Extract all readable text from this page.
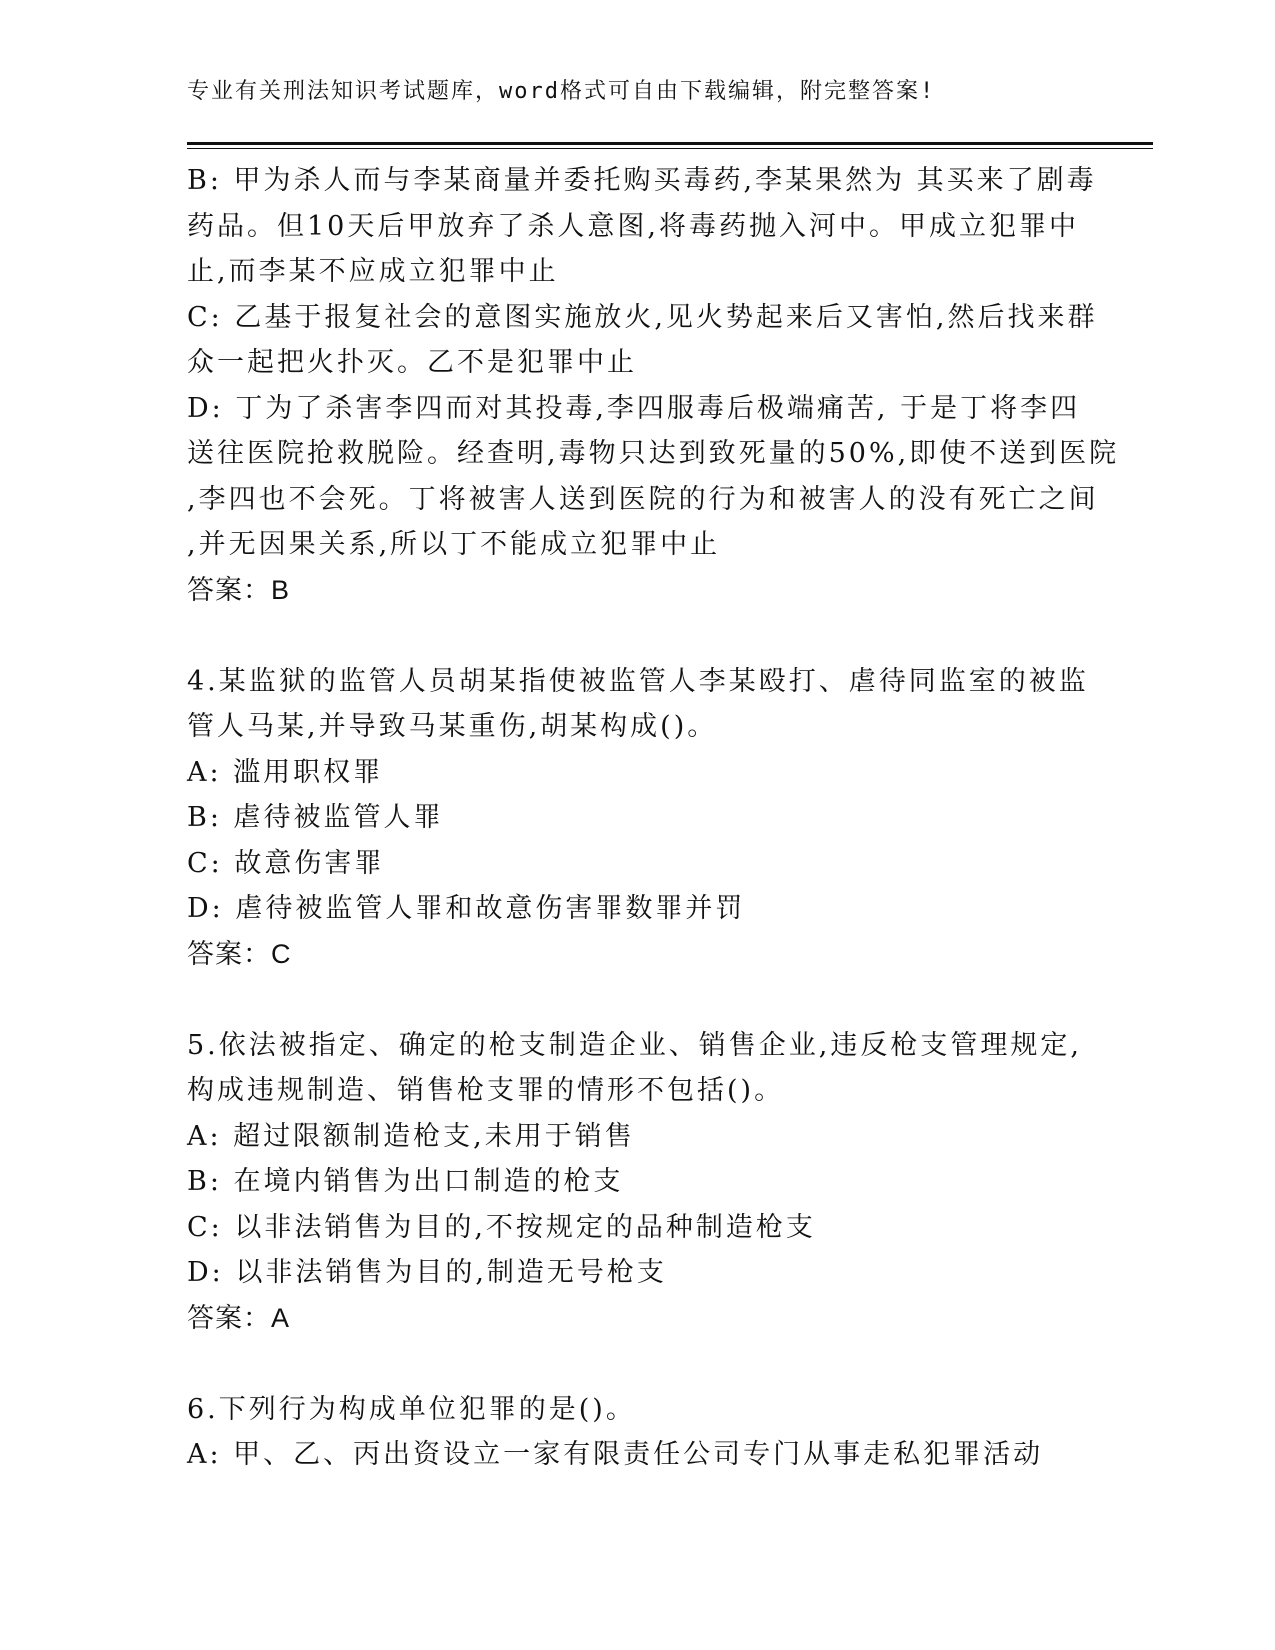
专业有关刑法知识考试题库，word格式可自由下载编辑，附完整答案!
B: 甲为杀人而与李某商量并委托购买毒药,李某果然为 其买来了剧毒
药品。但10天后甲放弃了杀人意图,将毒药抛入河中。甲成立犯罪中
止,而李某不应成立犯罪中止
C: 乙基于报复社会的意图实施放火,见火势起来后又害怕,然后找来群
众一起把火扑灭。乙不是犯罪中止
D: 丁为了杀害李四而对其投毒,李四服毒后极端痛苦, 于是丁将李四
送往医院抢救脱险。经查明,毒物只达到致死量的50%,即使不送到医院
,李四也不会死。丁将被害人送到医院的行为和被害人的没有死亡之间
,并无因果关系,所以丁不能成立犯罪中止
答案：B
4.某监狱的监管人员胡某指使被监管人李某殴打、虐待同监室的被监
管人马某,并导致马某重伤,胡某构成()。
A: 滥用职权罪
B: 虐待被监管人罪
C: 故意伤害罪
D: 虐待被监管人罪和故意伤害罪数罪并罚
答案：C
5.依法被指定、确定的枪支制造企业、销售企业,违反枪支管理规定,
构成违规制造、销售枪支罪的情形不包括()。
A: 超过限额制造枪支,未用于销售
B: 在境内销售为出口制造的枪支
C: 以非法销售为目的,不按规定的品种制造枪支
D: 以非法销售为目的,制造无号枪支
答案：A
6.下列行为构成单位犯罪的是()。
A: 甲、乙、丙出资设立一家有限责任公司专门从事走私犯罪活动
